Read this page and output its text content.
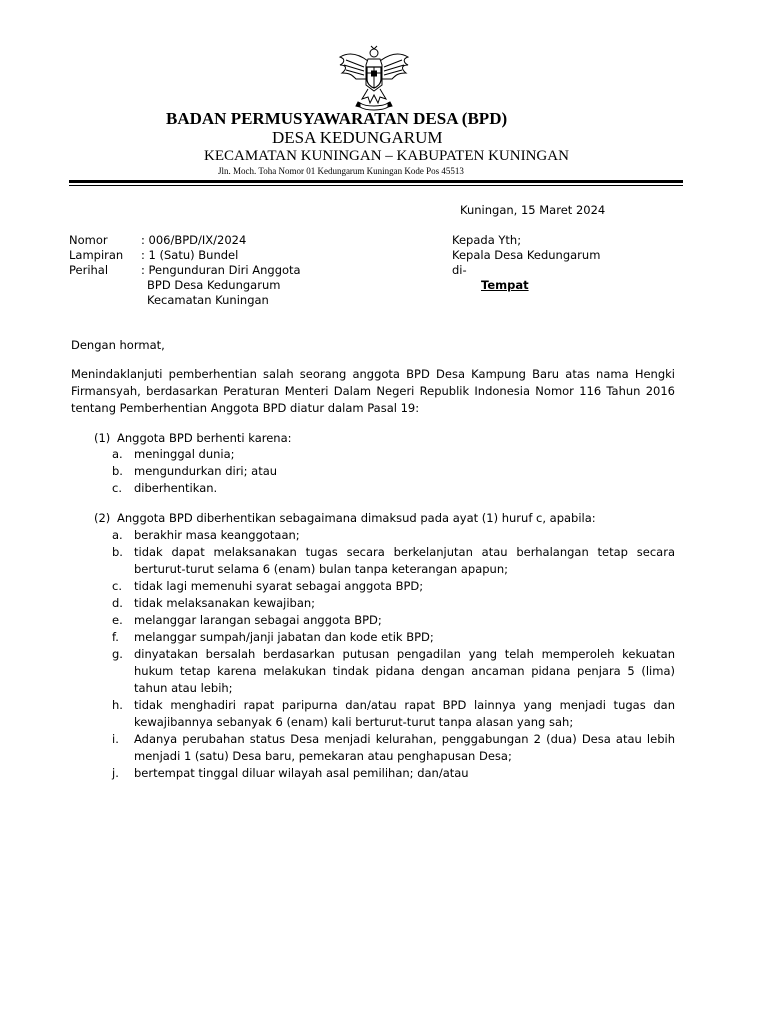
BADAN PERMUSYAWARATAN DESA (BPD)
DESA KEDUNGARUM
KECAMATAN KUNINGAN – KABUPATEN KUNINGAN
Jln. Moch. Toha Nomor 01 Kedungarum Kuningan Kode Pos 45513
Kuningan, 15 Maret 2024
Nomor	: 006/BPD/IX/2024
Lampiran : 1 (Satu) Bundel
Perihal	: Pengunduran Diri Anggota
BPD Desa Kedungarum
Kecamatan Kuningan
Kepada Yth;
Kepala Desa Kedungarum
di-
Tempat
Dengan hormat,

Menindaklanjuti pemberhentian salah seorang anggota BPD Desa Kampung Baru atas nama Hengki Firmansyah, berdasarkan Peraturan Menteri Dalam Negeri Republik Indonesia Nomor 116 Tahun 2016 tentang Pemberhentian Anggota BPD diatur dalam Pasal 19:

(1) Anggota BPD berhenti karena:
a. meninggal dunia;
b. mengundurkan diri; atau
c. diberhentikan.
(2) Anggota BPD diberhentikan sebagaimana dimaksud pada ayat (1) huruf c, apabila:
a. berakhir masa keanggotaan;
b. tidak dapat melaksanakan tugas secara berkelanjutan atau berhalangan tetap secara berturut-turut selama 6 (enam) bulan tanpa keterangan apapun;
c. tidak lagi memenuhi syarat sebagai anggota BPD;
d. tidak melaksanakan kewajiban;
e. melanggar larangan sebagai anggota BPD;
f. melanggar sumpah/janji jabatan dan kode etik BPD;
g. dinyatakan bersalah berdasarkan putusan pengadilan yang telah memperoleh kekuatan hukum tetap karena melakukan tindak pidana dengan ancaman pidana penjara 5 (lima) tahun atau lebih;
h. tidak menghadiri rapat paripurna dan/atau rapat BPD lainnya yang menjadi tugas dan kewajibannya sebanyak 6 (enam) kali berturut-turut tanpa alasan yang sah;
i. Adanya perubahan status Desa menjadi kelurahan, penggabungan 2 (dua) Desa atau lebih menjadi 1 (satu) Desa baru, pemekaran atau penghapusan Desa;
j. bertempat tinggal diluar wilayah asal pemilihan; dan/atau
